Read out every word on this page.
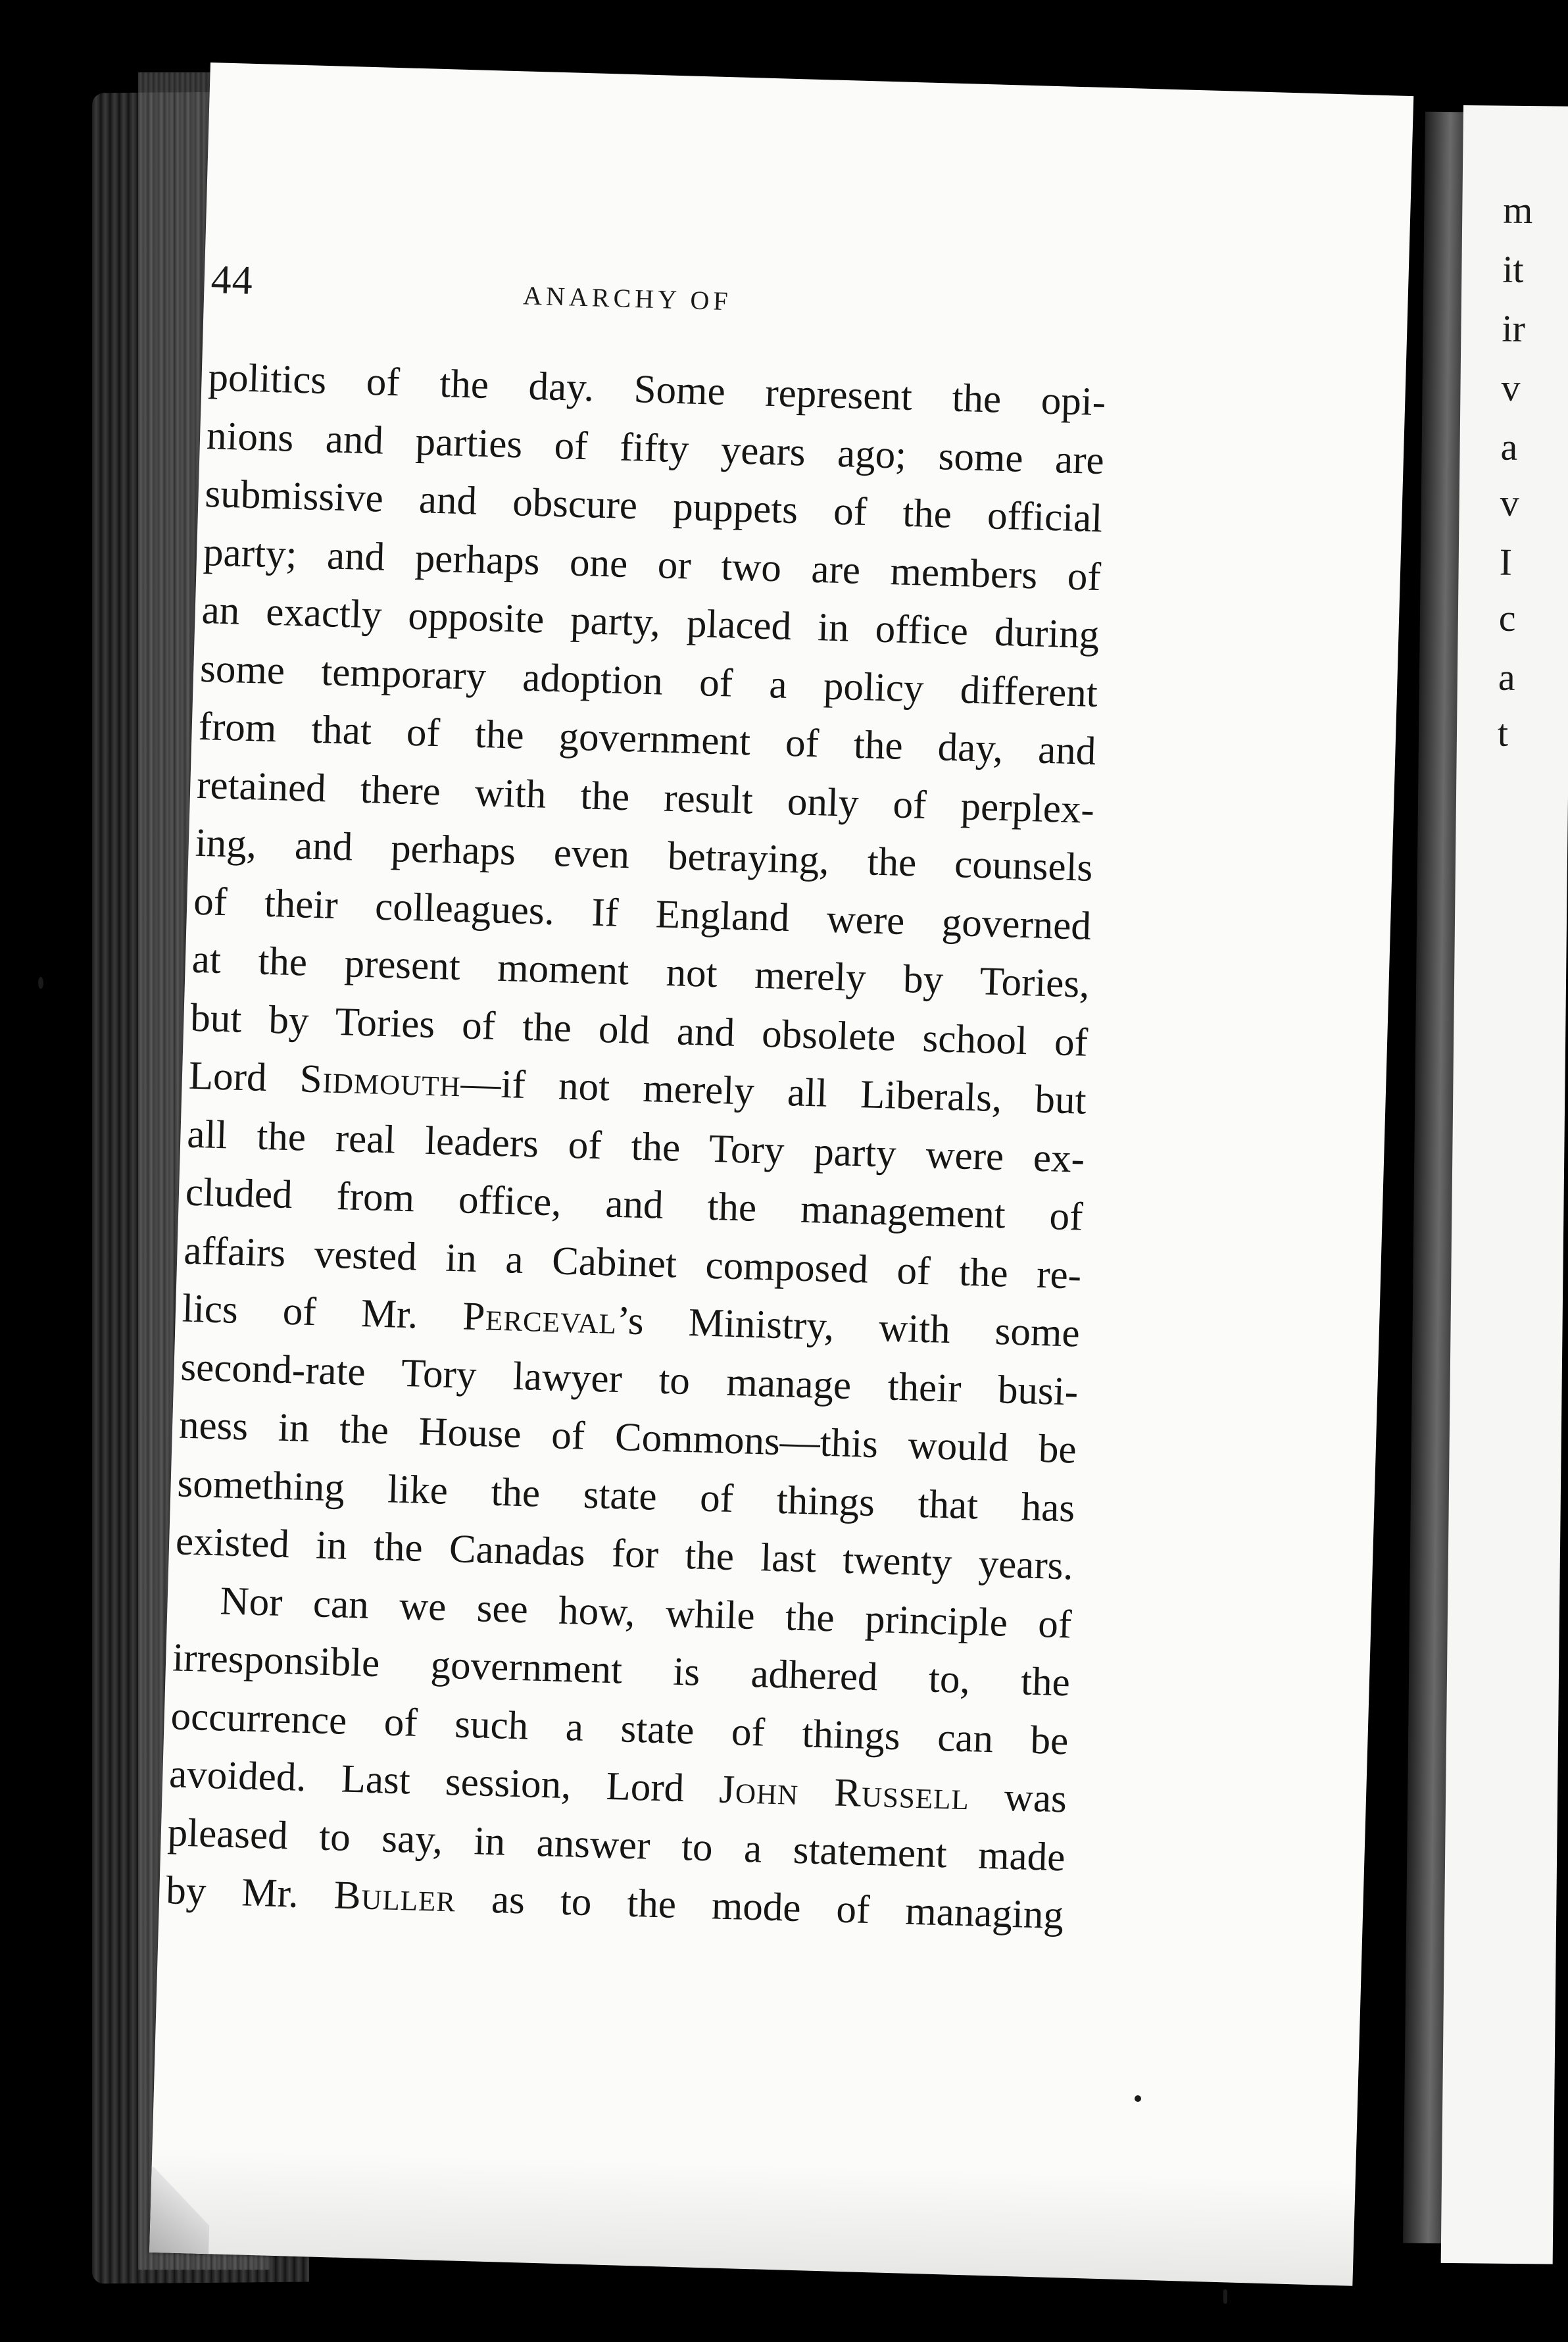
m
it
ir
v
a
v
I
c
a
t
44	ANARCHY OF
politics of the day. Some represent the opi-
nions and parties of fifty years ago; some are
submissive and obscure puppets of the official
party; and perhaps one or two are members of
an exactly opposite party, placed in office during
some temporary adoption of a policy different
from that of the government of the day, and
retained there with the result only of perplex-
ing, and perhaps even betraying, the counsels
of their colleagues. If England were governed
at the present moment not merely by Tories,
but by Tories of the old and obsolete school of
Lord Sidmouth—if not merely all Liberals, but
all the real leaders of the Tory party were ex-
cluded from office, and the management of
affairs vested in a Cabinet composed of the re-
lics of Mr. Perceval’s Ministry, with some
second-rate Tory lawyer to manage their busi-
ness in the House of Commons—this would be
something like the state of things that has
existed in the Canadas for the last twenty years.
Nor can we see how, while the principle of
irresponsible government is adhered to, the
occurrence of such a state of things can be
avoided. Last session, Lord John Russell was
pleased to say, in answer to a statement made
by Mr. Buller as to the mode of managing
